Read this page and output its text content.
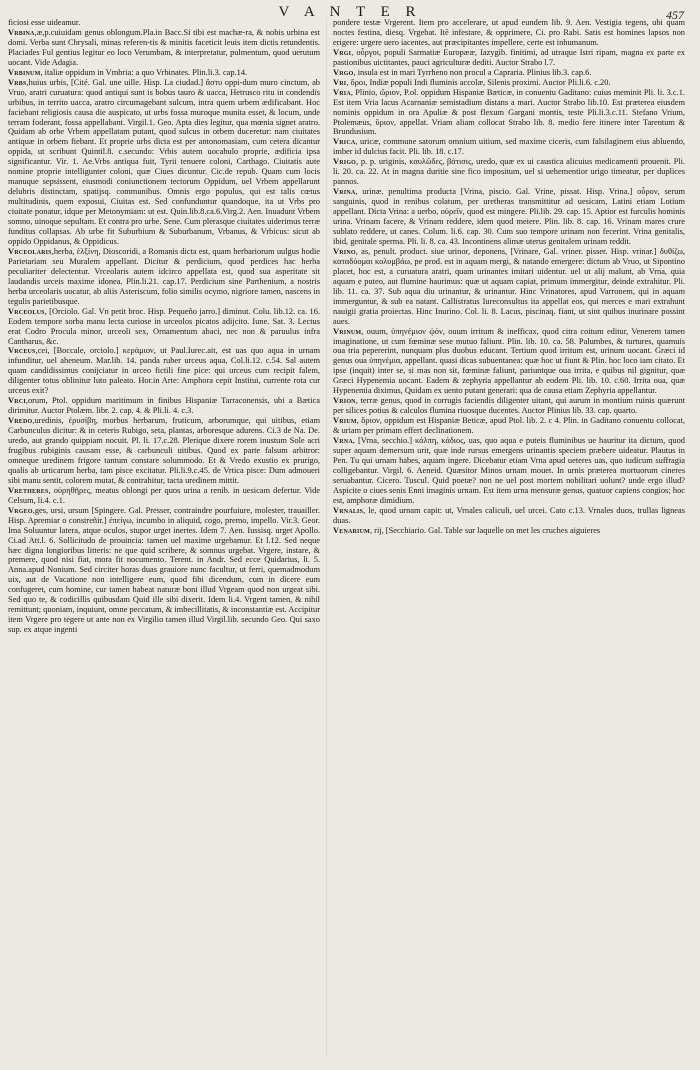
V A N T E R	457

ficiosi esse uideamur.

Vrbina,æ,p.cuiuidam genus oblongum.Pla.in Bacc.Si tibi est machæ-ra, & nobis urbina est domi. Verba sunt Chrysali, minas referen-tis & minitis faceticit leuis item dictis retundentis. Placiades Ful gentius legitur eo loco Verumbam, & interpretatur, pulmentum, quod uerutum uocant. Vide Adagia.

Vrbinum, italiæ oppidum in Vmbria: a quo Vrbinates. Plin.li.3. cap.14.

Vrbs,huius urbis, [Cité. Gal. une uille. Hisp. La ciudad.] ἄστυ oppi-dum muro cinctum, ab Vruo, aratri curuatura: quod antiqui sunt is bobus tauro & uacca, Hetrusco ritu in condendis urbibus, in territo uacca, aratro circumagebant sulcum, intra quem urbem ædificabant. Hoc faciebant religiosis causa die auspicato, ut urbs fossa muroque munita esset, & locum, unde terram foderant, fossa appellabant. Virgil.1. Geo. Apta dies legitur, qua mœnia signet aratro. Quidam ab orbe Vrbem appellatam putant, quod sulcus in orbem duceretur: nam ciuitates antiquæ in orbem fiebant. Et proprie urbs dicta est per antonomasiam, cum cetera dicantur oppida, ut scribunt Quintil.8. c.secundo: Vrbis autem uocabulo proprie, ædificia ipsa significantur. Vir. 1. Ae.Vrbs antiqua fuit, Tyrii tenuere coloni, Carthago. Ciuitatis aute nomine proprie intelligunter coloni, quæ Ciues dicuntur. Cic.de repub. Quam cum locis manuque sepsissent, eiusmodi coniunctionem tectorum Oppidum, uel Vrbem appellarunt delubris distinctam, spatijsq. communibus. Omnis ergo populus, qui est talis cœtus multitudinis, quem exposui, Ciuitas est. Sed confunduntur quandoque, ita ut Vrbs pro ciuitate ponatur, idque per Metonymiam: ut est. Quin.lib.8.ca.6.Virg.2. Aen. Inuadunt Vrbem somno, uinoque sepultam. Et contra pro urbe. Sene. Cum plerasque ciuitates uiderimus terræ funditus collapsas. Ab urbe fit Suburbium & Suburbanum, Vrbanus, & Vrbicus: sicut ab oppido Oppidanus, & Oppidicus.

Vrceolaris,herba, ἑλξίνη, Dioscoridi, a Romanis dicta est, quam herbariorum uulgus hodie Parietariam seu Muralem appellant. Dicitur & perdicium, quod perdices hac herba peculiariter delectentur. Vrceolaris autem idcirco appellata est, quod sua asperitate sit laudandis urceis maxime idonea. Plin.li.21. cap.17. Perdicium sine Parthenium, a nostris herba urceolaris uocatur, ab aliis Asteriscum, folio similis ocymo, nigriore tamen, nascens in tegulis parietibusque.

Vrceolus, [Orciolo. Gal. Vn petit broc. Hisp. Pequeño jarro.] diminut. Colu. lib.12. ca. 16. Eodem tempore sorba manu lecta curiose in urceolos picatos adijcito. Iune. Sat. 3. Lectus erat Codro Procula minor, urceoli sex, Ornamentum abaci, nec non & paruulus infra Cantharus, &c.

Vrceus,cei, [Boccale, orciolo.] κεράμιον, ut Paul.Iurec.ait, est uas quo aqua in urnam infunditur, uel aheneum. Mar.lib. 14. panda ruber urceus aqua, Col.li.12. c.54. Sal autem quam candidissimus conijciatur in urceo fictili fine pice: qui urceus cum recipit falem, diligenter totus oblinitur luto paleato. Hor.in Arte: Amphora cepit Institui, currente rota cur urceus exit?

Vrci,orum, Ptol. oppidum maritimum in finibus Hispaniæ Tarraconensis, ubi a Bætica dirimitur. Auctor Ptolæm. libr. 2. cap. 4. & Pli.li. 4. c.3.

Vredo,uredinis, ἐρυσίβη, morbus herbarum, fruticum, arborumque, qui uitibus, etiam Carbunculus dicitur: & in ceteris Rubigo, seta, plantas, arboresque adurens. Ci.3 de Na. De. uredo, aut grando quippiam nocuit. Pl. li. 17.c.28. Plerique dixere rorem inustum Sole acri frugibus rubiginis causam esse, & carbunculi uitibus. Quod ex parte falsum arbitror: omneque uredinem frigore tantum constare solummodo. Et & Vredo exustio ex prurigo, qualis ab urticarum herba, tam pisce excitatur. Pli.li.9.c.45. de Vrtica pisce: Dum admoueri sibi manu sentit, colorem mutat, & contrahitur, tacta uredinem mittit.

Vretheres, οὐρηθῆρες, meatus oblongi per quos urina a renib. in uesicam defertur. Vide Celsum, li.4. c.1.

Vrgeo,ges, ursi, ursum [Spingere. Gal. Presser, contraindre pourfuiure, molester, trauailler. Hisp. Apremiar o constreñir.] ἐπείγω, incumbo in aliquid, cogo, premo, impello. Vir.3. Geor. Ima Soluuntur latera, atque oculos, stupor urget inertes. Idem 7. Aen. Iussisq. urget Apollo. Ci.ad Att.l. 6. Sollicitudo de prouincia: tamen uel maxime urgebamur. Et l.12. Sed neque hæc digna longioribus litteris: ne que quid scribere, & somnus urgebat. Vrgere, instare, & premere, quod nisi fiat, mora fit nocumento. Terent. in Andr. Sed ecce Quidarius, li. 5. Anna.apud Nonium. Sed circiter horas duas grauiore nunc facultur, ut ferri, quemadmodum uix, aut de Vacatione non intelligere eum, quod fibi dicendum, cum in dicere eum confugeret, cum homine, cur tamen habeat naturæ boni illud Vrgeam quod non urgeat sibi. Sed quo te, & codicillis quibusdam Quid ille sibi dixerit. Idem li.4. Vrgent tamen, & nihil remittunt; quoniam, inquiunt, omne peccatum, & imbecillitatis, & inconstantiæ est. Accipitur item Vrgere pro tegere ut ante non ex Virgilio tamen illud Virgil.lib. secundo Geo. Qui saxo sup. ex atque ingenti

pondere testæ Vrgerent. Item pro accelerare, ut apud eundem lib. 9. Aen. Vestigia tegens, ubi quam noctes festina, diesq. Vrgebat. Itē infestare, & opprimere, Ci. pro Rabi. Satis est homines lapsos non erigere: urgere uero iacentes, aut præcipitantes impellere, certe est inhumanum.

Vrgi, οὖργοι, populi Sarmatiæ Europææ, Iazygib. finitimi, ad utraque Istri ripam, magna ex parte ex pastionibus uictitantes, pauci agriculturæ dediti. Auctor Strabo l.7.

Vrgo, insula est in mari Tyrrheno non procul a Capraria. Plinius lib.3. cap.6.

Vri, ὄροι, Indiæ populi Indi fluminis accolæ, Silenis proximi. Auctor Pli.li.6. c.20.

Vria, Plinio, ὤριον, P.ol. oppidum Hispaniæ Bæticæ, in conuentu Gaditano: cuius meminit Pli. li. 3.c.1. Est item Vria lacus Acarnaniæ semistadium distans a mari. Auctor Strabo lib.10. Est præterea eiusdem nominis oppidum in ora Apuliæ & post flexum Gargani montis, teste Pli.li.3.c.11. Stefano Vrium, Ptolemæus, ὕριον, appellat. Vriam aliam collocat Strabo lib. 8. medio fere itinere inter Tarentum & Brundusium.

Vrica, uricæ, commune satorum omnium uitium, sed maxime ciceris, cum falsilaginem eius abluendo, imber id dulcius facit. Pli. lib. 18. c.17.

Vrigo, p. p. uriginis, καυλῶδες, βάτισις, uredo, quæ ex ui caustica alicuius medicamenti prouenit. Pli. li. 20. ca. 22. At in magna duritie sine fico impositum, uel si uehementior urigo timeatur, per duplices pannos.

Vrina, urinæ. penultima producta [Vrina, piscio. Gal. Vrine, pissat. Hisp. Vrina.] οὖρον, serum sanguinis, quod in renibus colatum, per uretheras transmittitur ad uesicam, Latini etiam Lotium appellant. Dicta Vrina: a uerbo, οὐρεῖν, quod est mingere. Pli.lib. 29. cap. 15. Aptior est furculis hominis urina. Vrinam facere, & Vrinam reddere, idem quod meiere. Plin. lib. 8. cap. 16. Vrinam mares crure sublato reddere, ut canes. Colum. li.6. cap. 30. Cum suo tempore urinam non fecerint. Vrina genitalis, ibid, genitale sperma. Pli. li. 8. ca. 43. Incontinens alimæ uterus genitalem urinam reddit.

Vrino, as, penult. product. siue urinor, deponens, [Vrinare, Gal. vriner. pisser. Hisp. vrinar.] δυθίζω, καταδύομαι κολυμβάω, pe prod. est in aquam mergi, & natando emergere: dictum ab Vruo, ut Sipontino placet, hoc est, a curuatura aratri, quam urinantes imitari uidentur. uel ut alij malunt, ab Vrna, quia aquam e puteo, aut flumine haurimus: quæ ut aquam capiat, primum immergitur, deinde extrahitur. Pli. lib. 11. ca. 37. Sub aqua diu urinantur, & urinantur. Hinc Vrinatores, apud Varronem, qui in aquam immerguntur, & sub ea natant. Callistratus Iureconsultus ita appellat eos, qui merces e mari extrahunt nauigii gratia proiectas. Hinc Inurino. Col. li. 8. Lacus, piscinaq. fiant, ut sint quibus inurinare possint aues.

Vrinum, ouum, ὑπηνέμιον ᾠόν, ouum irritum & inefficax, quod citra coitum editur, Venerem tamen imaginatione, ut cum fœminæ sese mutuo faliunt. Plin. lib. 10. ca. 58. Palumbes, & turtures, quamuis oua tria pepererint, nunquam plus duobus educant. Tertium quod irritum est, urinum uocant. Græci id genus oua ὑπηνέμια, appellant. quasi dicas subuentanea: quæ hoc ut fiunt & Plin. hoc loco iam citato. Et ipse (inquit) inter se, si mas non sit, fœminæ faliunt, pariuntque oua irrita, e quibus nil gignitur, quæ Græci Hypenemia uocant. Eadem & zephyria appellantur ab eodem Pli. lib. 10. c.60. Irrita oua, quæ Hypenemia diximus, Quidam ex uento putant generari: qua de causa etiam Zephyria appellantur.

Vrion, terræ genus, quod in corrugis faciendis diligenter uitant, qui aurum in montium ruinis quærunt per silices potius & calculos flumina riuosque ducentes. Auctor Plinius lib. 33. cap. quarto.

Vrium, ὄριον, oppidum est Hispaniæ Beticæ, apud Ptol. lib. 2. c 4. Plin. in Gaditano conuentu collocat, & uriam per primam effert declinationem.

Vrna, [Vrna, secchio.] κάλπη, κάδιος, uas, quo aqua e puteis fluminibus ue hauritur ita dictum, quod super aquam demersum urit, quæ inde rursus emergens urinantis speciem præbere uideatur. Plautus in Pen. Tu qui urnam habes, aquam ingere. Dicebatur etiam Vrna apud ueteres uas, quo iudicum suffragia colligebantur. Virgil. 6. Aeneid. Quæsitor Minos urnam mouet. In urnis præterea mortuorum cineres seruabantur. Cicero. Tuscul. Quid poetæ? non ne uel post mortem nobilitari uolunt? unde ergo illud? Aspicite o ciues senis Enni imaginis urnam. Est item urna mensuræ genus, quatuor capiens congios; hoc est, amphoræ dimidium.

Vrnalis, le, quod urnam capit: ut, Vrnales caliculi, uel urcei. Cato c.13. Vrnales duos, trullas ligneas duas.

Venarium, rij, [Secchiario. Gal. Table sur laquelle on met les cruches aiguieres
